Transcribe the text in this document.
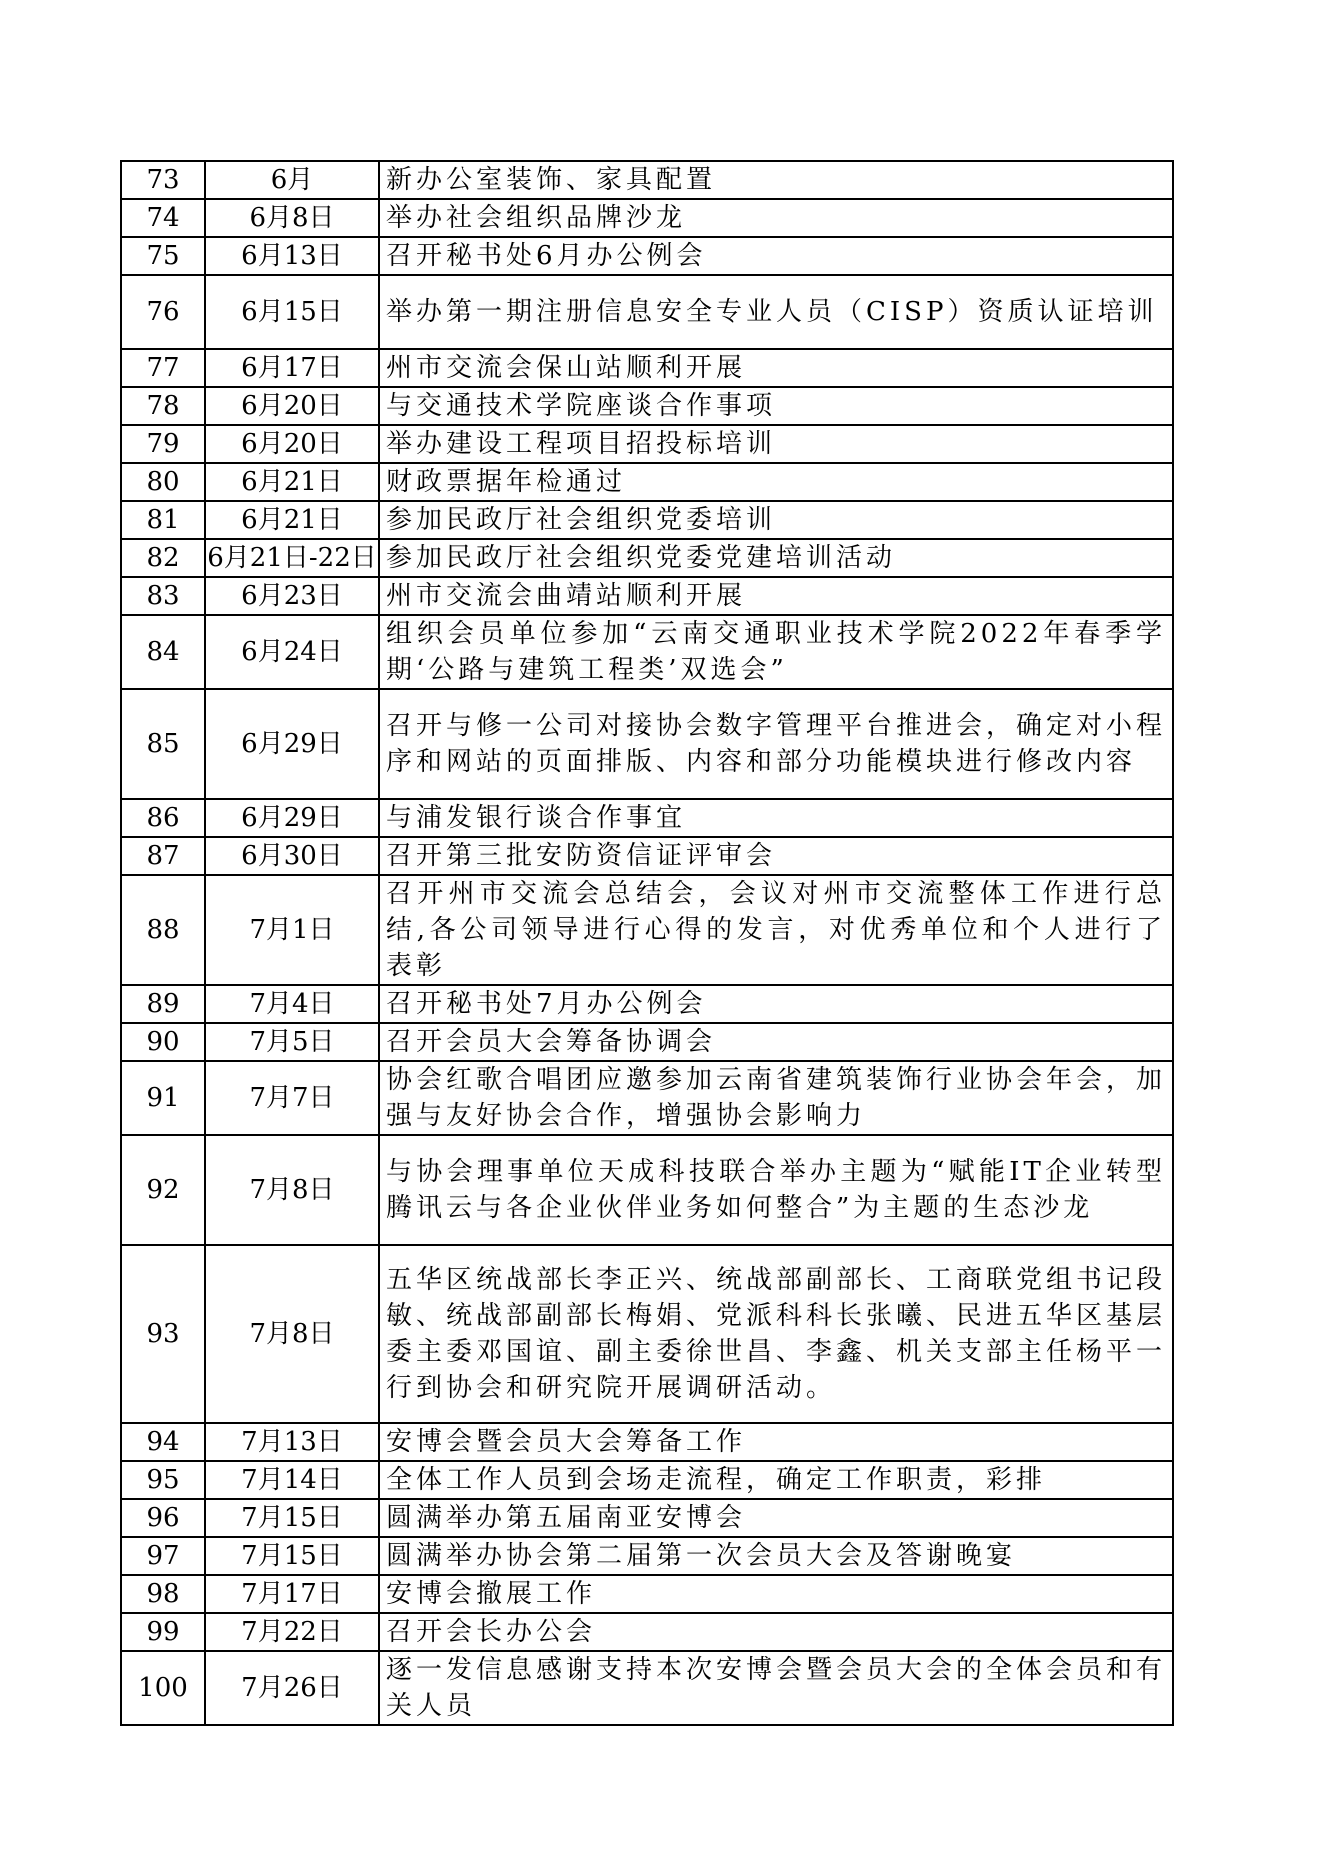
73	6月	新办公室装饰、家具配置
74	6月8日	举办社会组织品牌沙龙
75	6月13日	召开秘书处6月办公例会
76	6月15日	举办第一期注册信息安全专业人员（CISP）资质认证培训
77	6月17日	州市交流会保山站顺利开展
78	6月20日	与交通技术学院座谈合作事项
79	6月20日	举办建设工程项目招投标培训
80	6月21日	财政票据年检通过
81	6月21日	参加民政厅社会组织党委培训
82	6月21日-22日	参加民政厅社会组织党委党建培训活动
83	6月23日	州市交流会曲靖站顺利开展
84	6月24日	组织会员单位参加“云南交通职业技术学院2022年春季学期‘公路与建筑工程类’双选会”
85	6月29日	召开与修一公司对接协会数字管理平台推进会，确定对小程序和网站的页面排版、内容和部分功能模块进行修改内容
86	6月29日	与浦发银行谈合作事宜
87	6月30日	召开第三批安防资信证评审会
88	7月1日	召开州市交流会总结会，会议对州市交流整体工作进行总结,各公司领导进行心得的发言，对优秀单位和个人进行了表彰
89	7月4日	召开秘书处7月办公例会
90	7月5日	召开会员大会筹备协调会
91	7月7日	协会红歌合唱团应邀参加云南省建筑装饰行业协会年会，加强与友好协会合作，增强协会影响力
92	7月8日	与协会理事单位天成科技联合举办主题为“赋能IT企业转型腾讯云与各企业伙伴业务如何整合”为主题的生态沙龙
93	7月8日	五华区统战部长李正兴、统战部副部长、工商联党组书记段敏、统战部副部长梅娟、党派科科长张曦、民进五华区基层委主委邓国谊、副主委徐世昌、李鑫、机关支部主任杨平一行到协会和研究院开展调研活动。
94	7月13日	安博会暨会员大会筹备工作
95	7月14日	全体工作人员到会场走流程，确定工作职责，彩排
96	7月15日	圆满举办第五届南亚安博会
97	7月15日	圆满举办协会第二届第一次会员大会及答谢晚宴
98	7月17日	安博会撤展工作
99	7月22日	召开会长办公会
100	7月26日	逐一发信息感谢支持本次安博会暨会员大会的全体会员和有关人员
